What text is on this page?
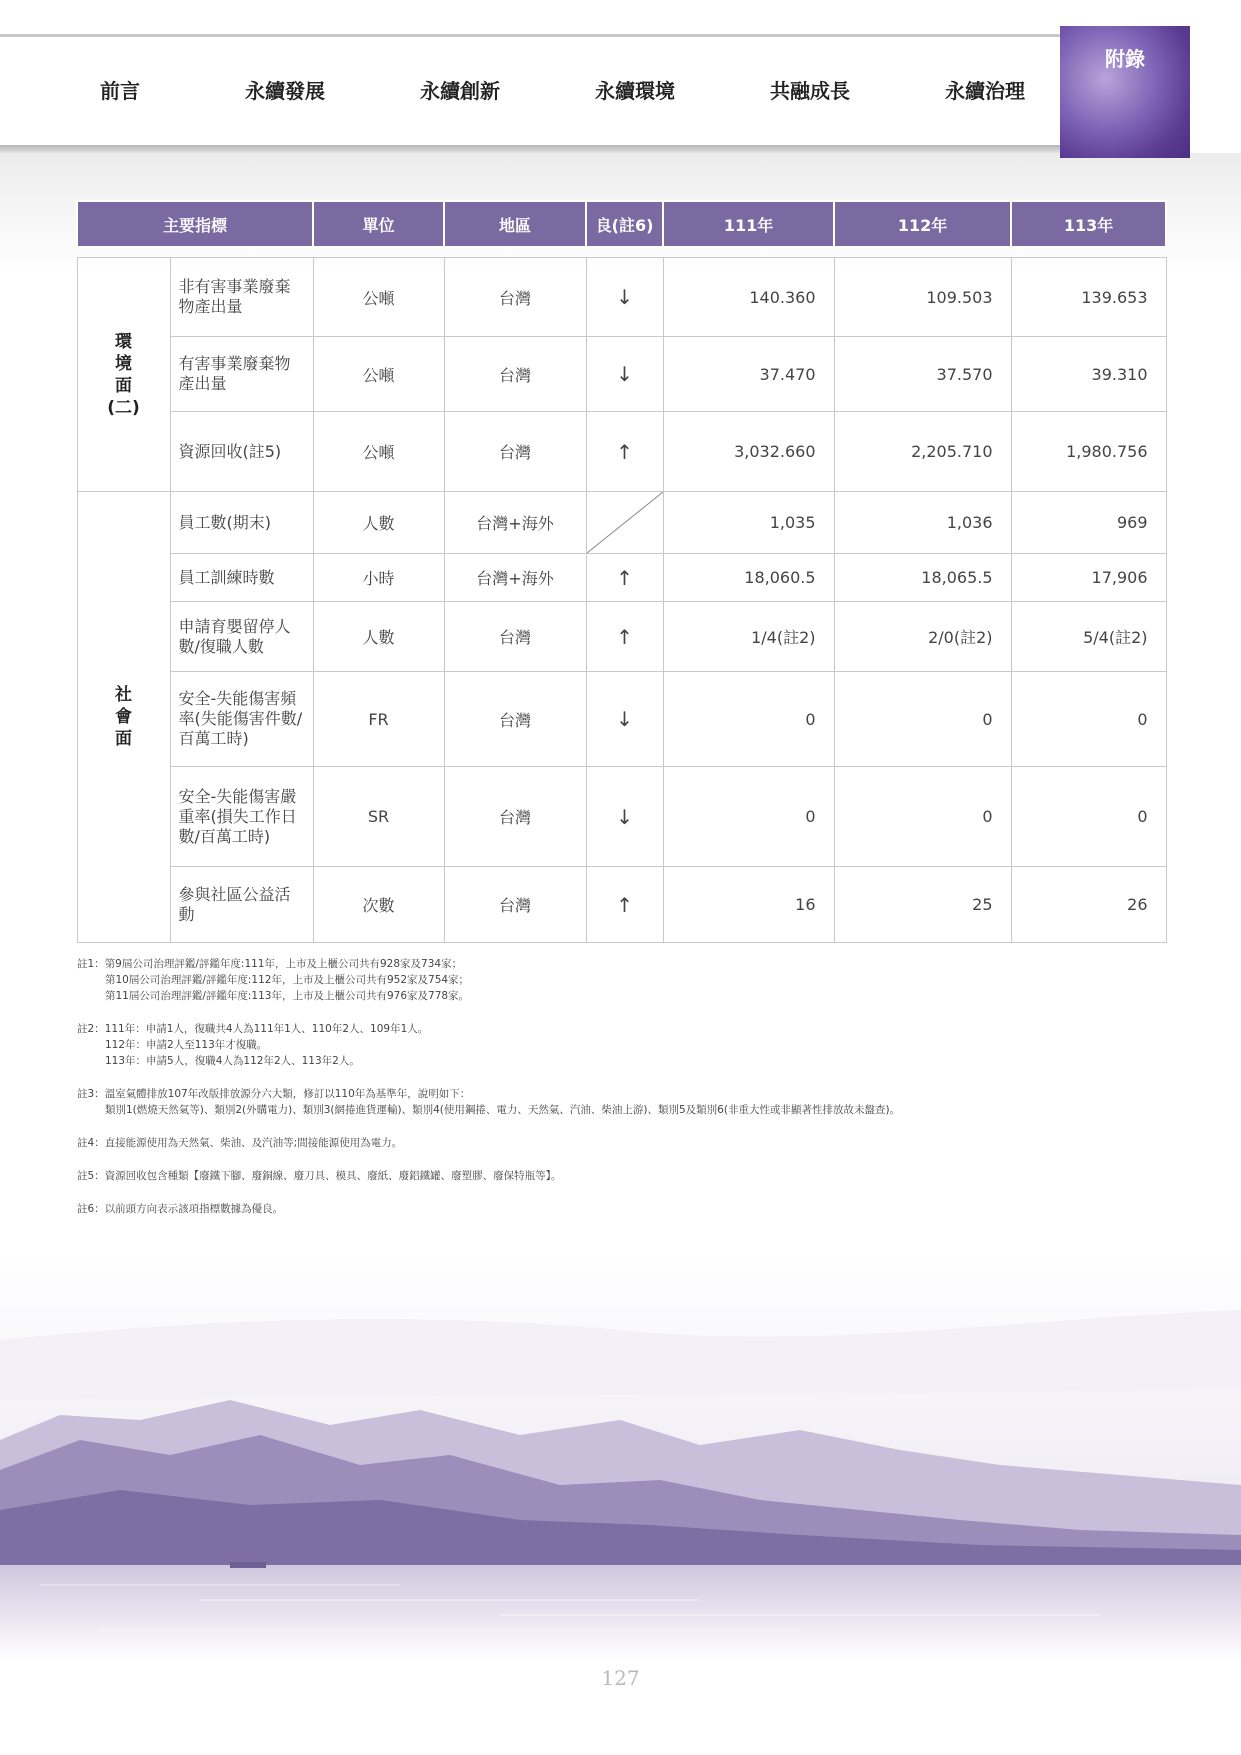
前言	永續發展	永續創新	永續環境	共融成長	永續治理
附錄
主要指標		單位	地區	良(註6)	111年	112年	113年

環
境
面
(二)	非有害事業廢棄物產出量	公噸	台灣	↓	140.360	109.503	139.653
	有害事業廢棄物產出量	公噸	台灣	↓	37.470	37.570	39.310
	資源回收(註5)	公噸	台灣	↑	3,032.660	2,205.710	1,980.756
社
會
面	員工數(期末)	人數	台灣+海外		1,035	1,036	969
	員工訓練時數	小時	台灣+海外	↑	18,060.5	18,065.5	17,906
	申請育嬰留停人數/復職人數	人數	台灣	↑	1/4(註2)	2/0(註2)	5/4(註2)
	安全-失能傷害頻率(失能傷害件數/百萬工時)	FR	台灣	↓	0	0	0
	安全-失能傷害嚴重率(損失工作日數/百萬工時)	SR	台灣	↓	0	0	0
	參與社區公益活動	次數	台灣	↑	16	25	26
註1：第9屆公司治理評鑑/評鑑年度:111年，上市及上櫃公司共有928家及734家；
第10屆公司治理評鑑/評鑑年度:112年，上市及上櫃公司共有952家及754家；
第11屆公司治理評鑑/評鑑年度:113年，上市及上櫃公司共有976家及778家。
註2：111年：申請1人，復職共4人為111年1人、110年2人、109年1人。
112年：申請2人至113年才復職。
113年：申請5人，復職4人為112年2人、113年2人。
註3：溫室氣體排放107年改版排放源分六大類，修訂以110年為基準年，說明如下：
類別1(燃燒天然氣等)、類別2(外購電力)、類別3(網捲進貨運輸)、類別4(使用鋼捲、電力、天然氣、汽油、柴油上游)、類別5及類別6(非重大性或非顯著性排放故未盤查)。
註4：直接能源使用為天然氣、柴油、及汽油等;間接能源使用為電力。
註5：資源回收包含種類【廢鐵下腳、廢銅線、廢刀具、模具、廢紙、廢鋁鐵罐、廢塑膠、廢保特瓶等】。
註6：以前頭方向表示該項指標數據為優良。
127
